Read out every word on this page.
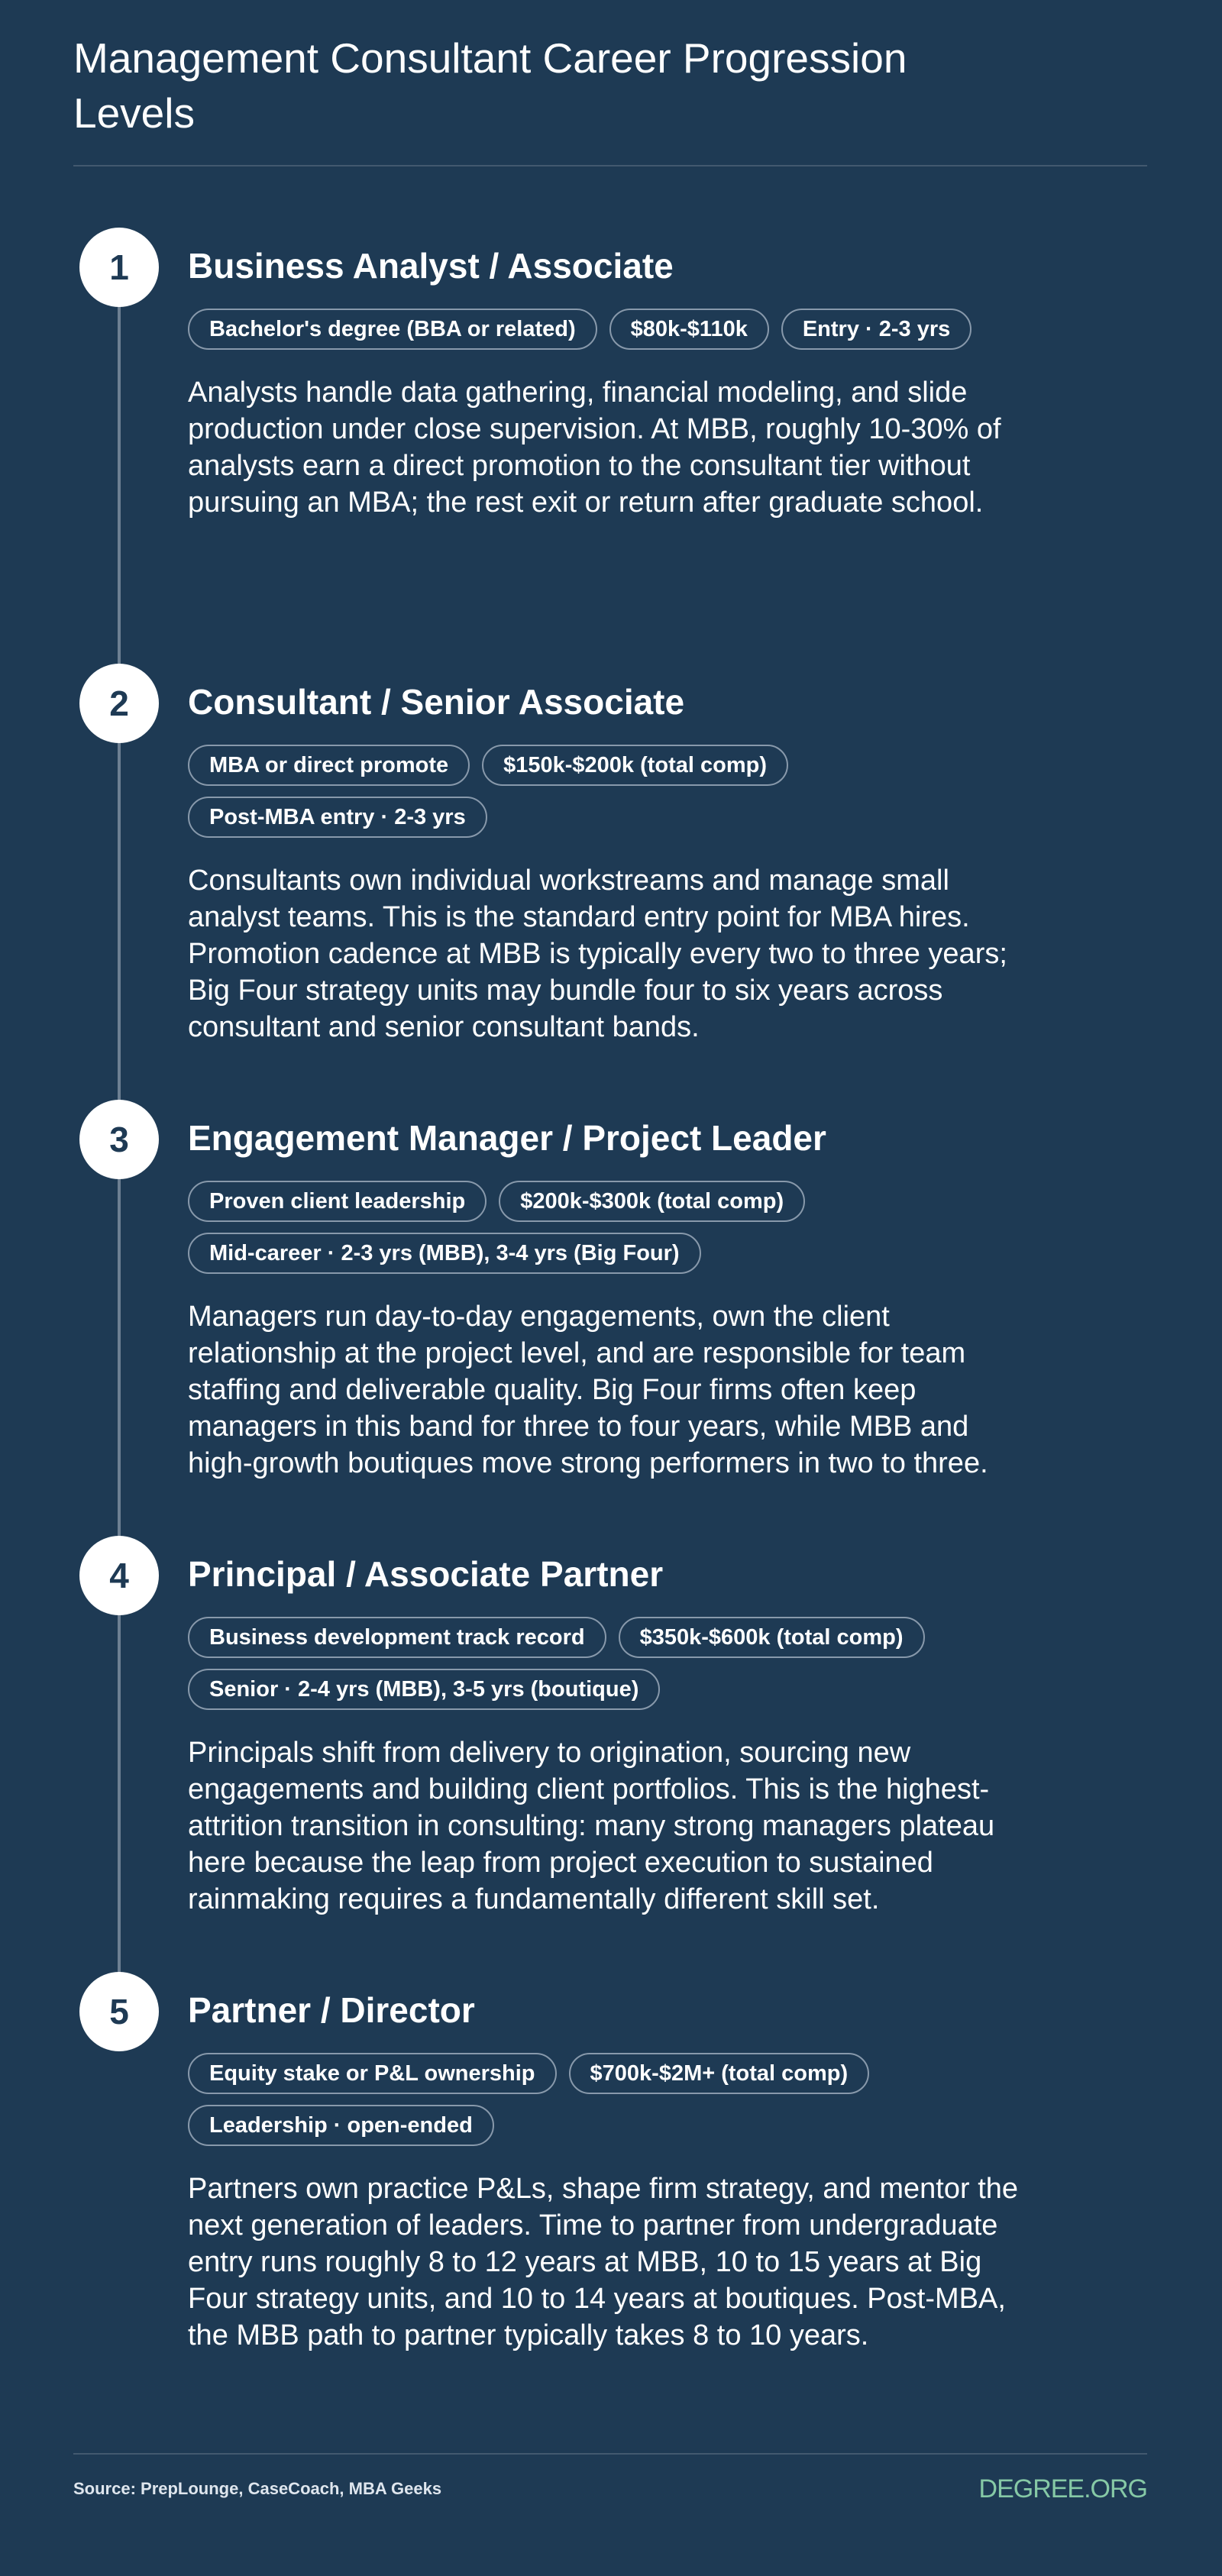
Management Consultant Career Progression Levels
1	Business Analyst / Associate
Bachelor's degree (BBA or related)	$80k-$110k	Entry · 2-3 yrs

Analysts handle data gathering, financial modeling, and slide production under close supervision. At MBB, roughly 10-30% of analysts earn a direct promotion to the consultant tier without pursuing an MBA; the rest exit or return after graduate school.

2	Consultant / Senior Associate
MBA or direct promote	$150k-$200k (total comp)
Post-MBA entry · 2-3 yrs

Consultants own individual workstreams and manage small analyst teams. This is the standard entry point for MBA hires. Promotion cadence at MBB is typically every two to three years; Big Four strategy units may bundle four to six years across consultant and senior consultant bands.

3	Engagement Manager / Project Leader
Proven client leadership	$200k-$300k (total comp)
Mid-career · 2-3 yrs (MBB), 3-4 yrs (Big Four)

Managers run day-to-day engagements, own the client relationship at the project level, and are responsible for team staffing and deliverable quality. Big Four firms often keep managers in this band for three to four years, while MBB and high-growth boutiques move strong performers in two to three.

4	Principal / Associate Partner
Business development track record	$350k-$600k (total comp)
Senior · 2-4 yrs (MBB), 3-5 yrs (boutique)

Principals shift from delivery to origination, sourcing new engagements and building client portfolios. This is the highest-attrition transition in consulting: many strong managers plateau here because the leap from project execution to sustained rainmaking requires a fundamentally different skill set.

5	Partner / Director
Equity stake or P&L ownership	$700k-$2M+ (total comp)
Leadership · open-ended

Partners own practice P&Ls, shape firm strategy, and mentor the next generation of leaders. Time to partner from undergraduate entry runs roughly 8 to 12 years at MBB, 10 to 15 years at Big Four strategy units, and 10 to 14 years at boutiques. Post-MBA, the MBB path to partner typically takes 8 to 10 years.

Source: PrepLounge, CaseCoach, MBA Geeks	DEGREE.ORG
